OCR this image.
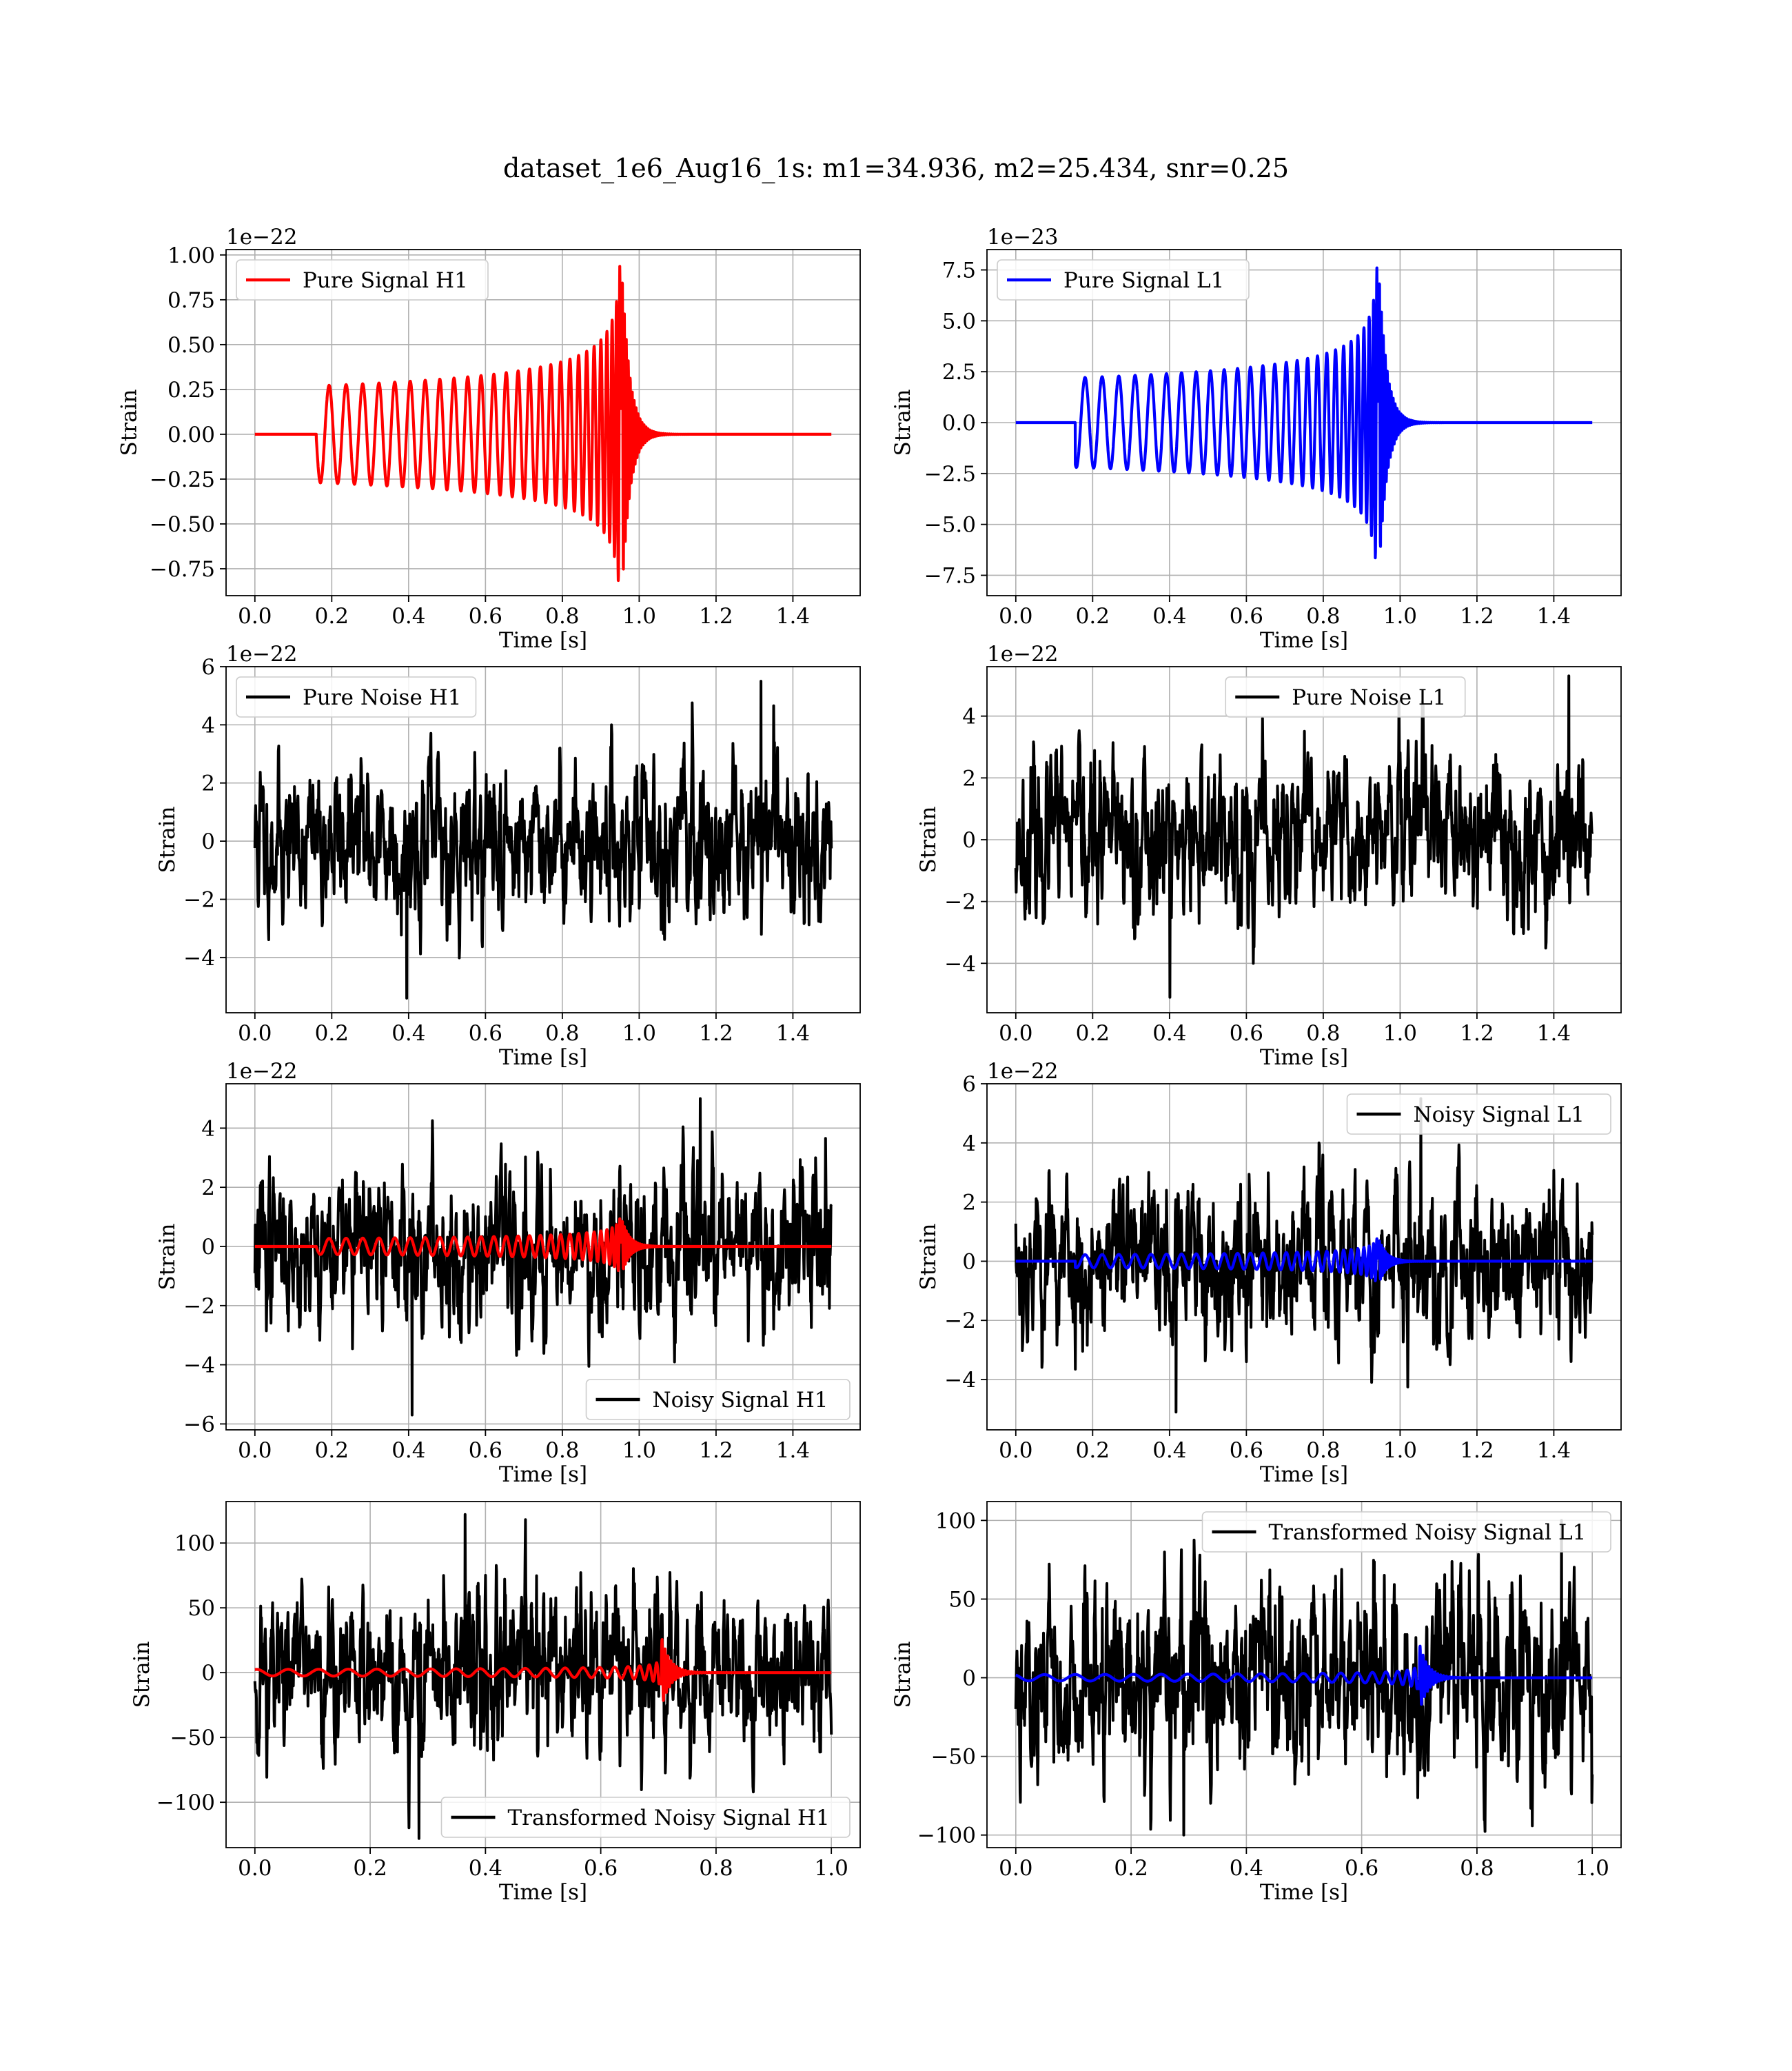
dataset_1e6_Aug16_1s: m1=34.936, m2=25.434, snr=0.25
0.0 0.2 0.4 0.6 0.8 1.0 1.2 1.4
−0.75
−0.50
−0.25
0.00
0.25
0.50
0.75
1.00
Time [s]
Strain
1e−22
Pure Signal H1
0.0 0.2 0.4 0.6 0.8 1.0 1.2 1.4
−7.5
−5.0
−2.5
0.0
2.5
5.0
7.5
Time [s]
Strain
1e−23
Pure Signal L1
0.0 0.2 0.4 0.6 0.8 1.0 1.2 1.4
−4
−2
0
2
4
6
Time [s]
Strain
1e−22
Pure Noise H1
0.0 0.2 0.4 0.6 0.8 1.0 1.2 1.4
−4
−2
0
2
4
Time [s]
Strain
1e−22
Pure Noise L1
0.0 0.2 0.4 0.6 0.8 1.0 1.2 1.4
−6
−4
−2
0
2
4
Time [s]
Strain
1e−22
Noisy Signal H1
0.0 0.2 0.4 0.6 0.8 1.0 1.2 1.4
−4
−2
0
2
4
6
Time [s]
Strain
1e−22
Noisy Signal L1
0.0	0.2	0.4	0.6	0.8	1.0
−100
−50
0
50
100
Time [s]
Strain
Transformed Noisy Signal H1
0.0	0.2	0.4	0.6	0.8	1.0
−100
−50
0
50
100
Time [s]
Strain
Transformed Noisy Signal L1
